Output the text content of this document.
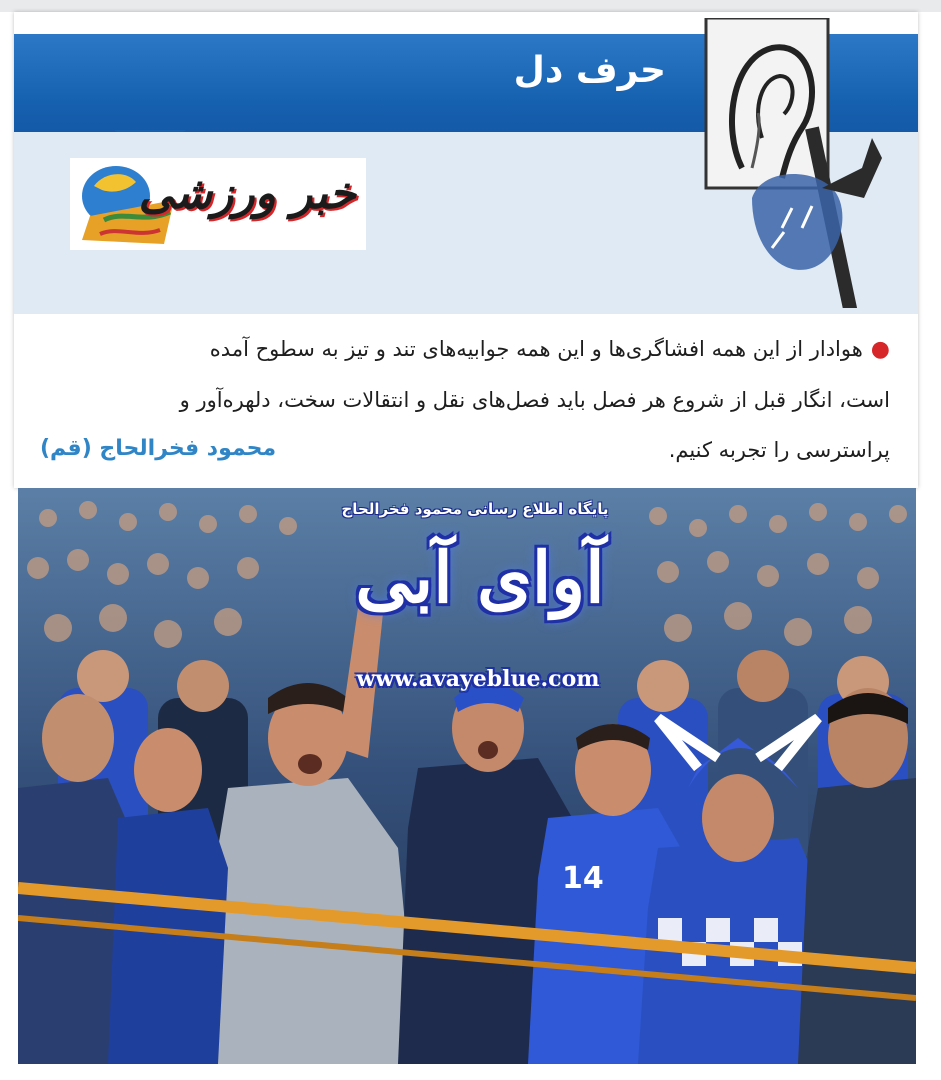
حرف دل
خبر ورزشی
●هوادار از این همه افشاگری‌ها و این همه جوابیه‌های تند و تیز به سطوح آمده
است، انگار قبل از شروع هر فصل باید فصل‌های نقل و انتقالات سخت، دلهره‌آور و
پراسترسی را تجربه کنیم.
محمود فخرالحاج (قم)
14
پایگاه اطلاع رسانی محمود فخرالحاج
آوای آبی
www.avayeblue.com
